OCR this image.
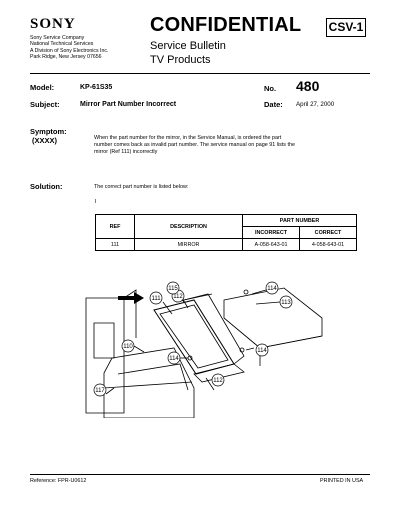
SONY
Sony Service Company
National Technical Services
A Division of Sony Electronics Inc.
Park Ridge, New Jersey 07656
CONFIDENTIAL
Service Bulletin
TV Products
CSV-1
Model:	KP-61S35	No. 480
Subject:	Mirror Part Number Incorrect	Date: April 27, 2000
Symptom:
(XXXX)	When the part number for the mirror, in the Service Manual, is ordered the part
number comes back as invalid part number. The service manual on page 91 lists the
mirror (Ref 111) incorrectly
Solution:	The correct part number is listed below:
I
REF	DESCRIPTION	PART NUMBER	
		INCORRECT	CORRECT
111	MIRROR	A-058-643-01	4-058-643-01
111 112
115
113
114
110
114
112
117
114
Reference: FPR-U0612	PRINTED IN USA
